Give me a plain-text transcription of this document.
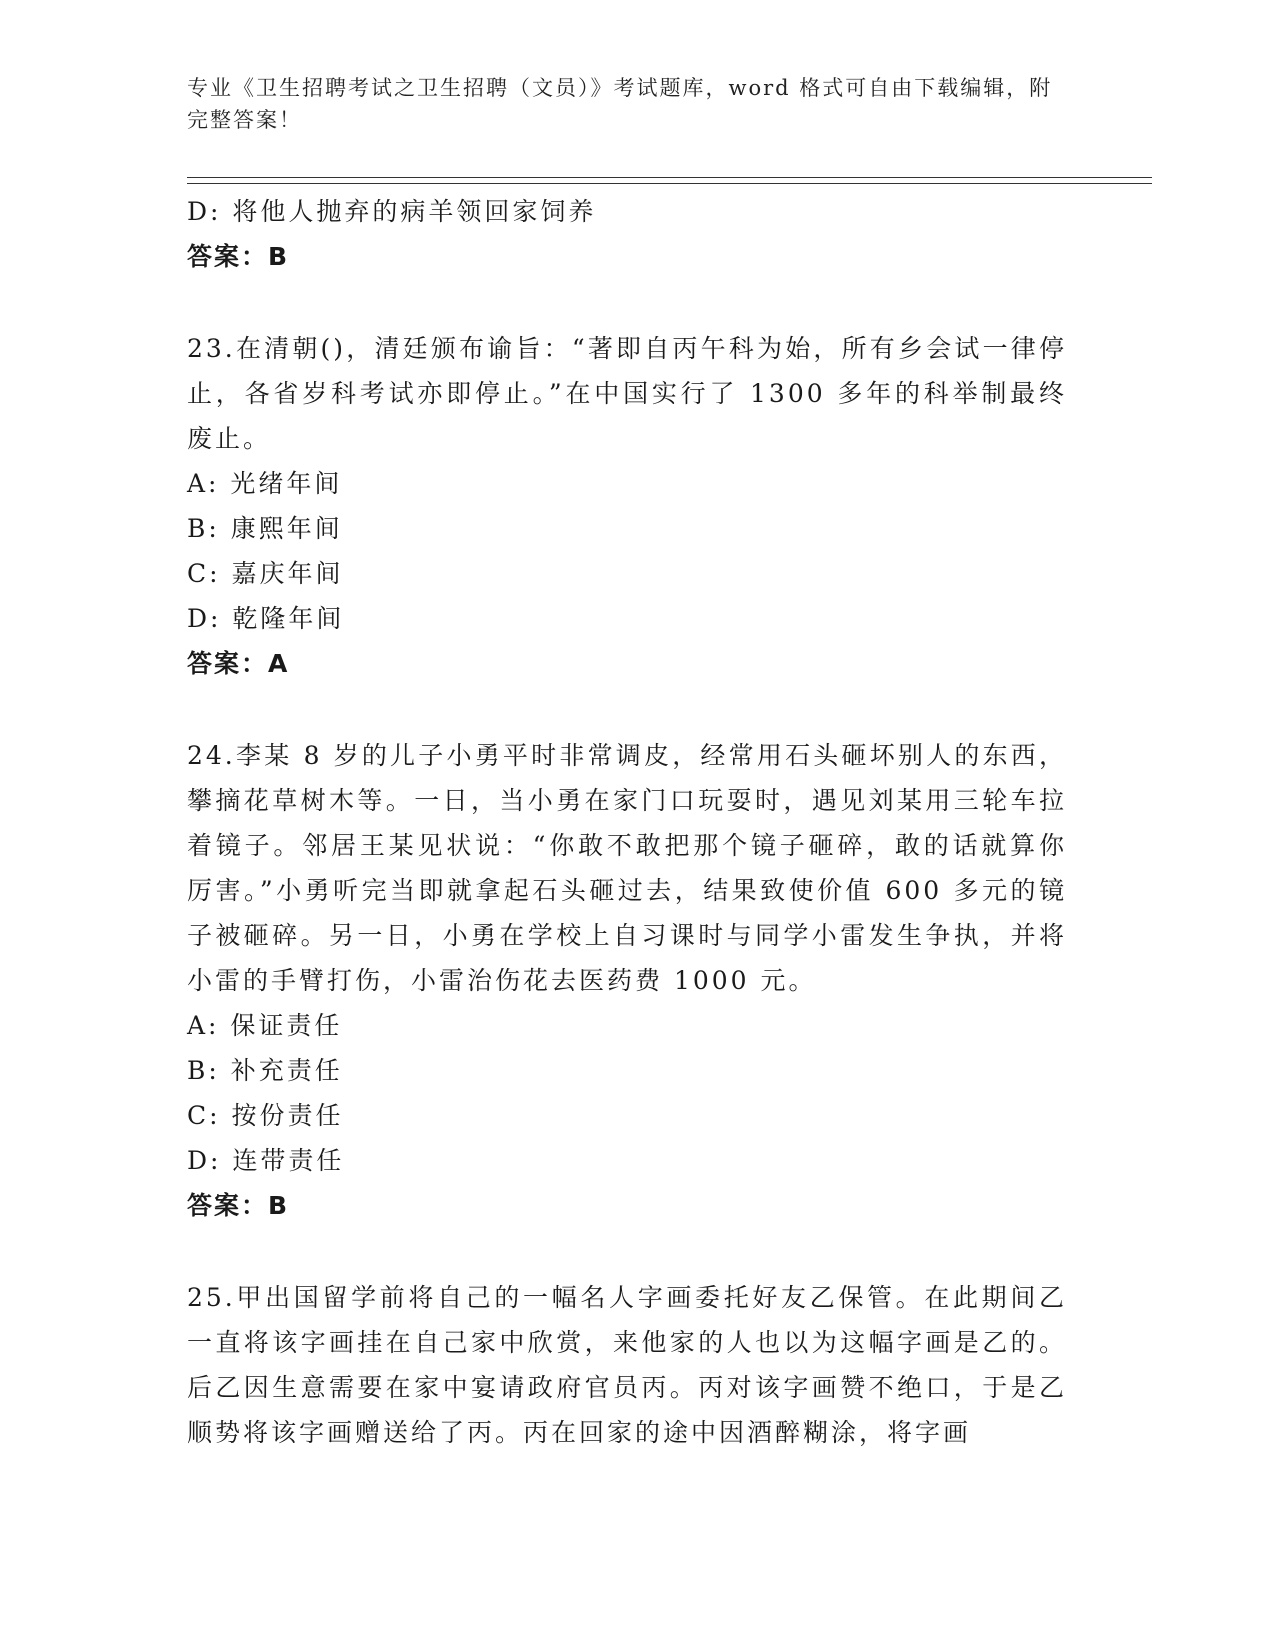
专业《卫生招聘考试之卫生招聘（文员）》考试题库，word 格式可自由下载编辑，附完整答案！
D: 将他人抛弃的病羊领回家饲养
答案：B
23.在清朝()，清廷颁布谕旨：“著即自丙午科为始，所有乡会试一律停止，各省岁科考试亦即停止。”在中国实行了 1300 多年的科举制最终废止。
A: 光绪年间
B: 康熙年间
C: 嘉庆年间
D: 乾隆年间
答案：A
24.李某 8 岁的儿子小勇平时非常调皮，经常用石头砸坏别人的东西，攀摘花草树木等。一日，当小勇在家门口玩耍时，遇见刘某用三轮车拉着镜子。邻居王某见状说：“你敢不敢把那个镜子砸碎，敢的话就算你厉害。”小勇听完当即就拿起石头砸过去，结果致使价值 600 多元的镜子被砸碎。另一日，小勇在学校上自习课时与同学小雷发生争执，并将小雷的手臂打伤，小雷治伤花去医药费 1000 元。
A: 保证责任
B: 补充责任
C: 按份责任
D: 连带责任
答案：B
25.甲出国留学前将自己的一幅名人字画委托好友乙保管。在此期间乙一直将该字画挂在自己家中欣赏，来他家的人也以为这幅字画是乙的。后乙因生意需要在家中宴请政府官员丙。丙对该字画赞不绝口，于是乙顺势将该字画赠送给了丙。丙在回家的途中因酒醉糊涂，将字画
